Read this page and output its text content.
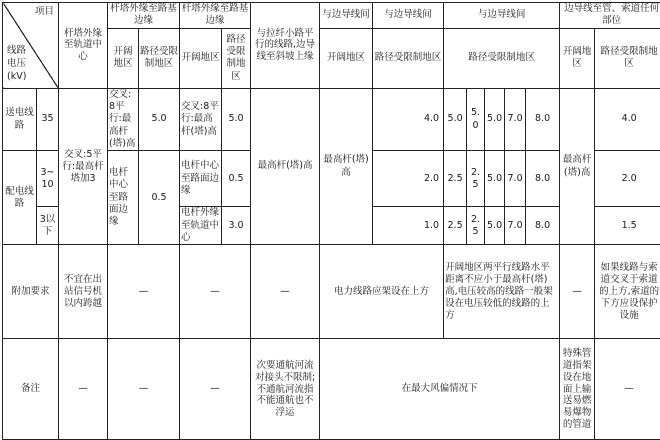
项目
线路
电压
(kV)		杆塔外缘至轨道中心	杆塔外缘至路基边缘		杆塔外缘至路基边缘		与拉纤小路平行的线路,边导线至斜坡上缘	与边导线间	与边导线间	与边导线间					边导线至管、索道任何部位	
			开阔地区	路径受限制地区	开阔地区	路径受限制地区		开阔地区	路径受限制地区	路径受限制地区					开阔地区	路径受限制地区

送电线路	35	交叉:5平行:最高杆塔加3	交叉:8平行:最高杆(塔)高	5.0	交叉:8平行:最高杆(塔)高	5.0	最高杆(塔)高	最高杆(塔)高	4.0	5.0	5.0	5.0	7.0	8.0	最高杆(塔)高	4.0
配电线路	3~10		电杆中心至路面边缘	0.5	电杆中心至路面边缘	0.5			2.0	2.5	2.5	5.0	7.0	8.0		2.0
	3以下				电杆外缘至轨道中心	3.0			1.0	2.5	2.5	5.0	7.0	8.0		1.5
附加要求		不宜在出站信号机以内跨越	—		—		—	电力线路应架设在上方		开阔地区两平行线路水平距离不应小于最高杆(塔)高,电压较高的线路一般架设在电压较低的线路的上方					—	如果线路与索道交叉于索道的上方,索道的下方应设保护设施
备注		—	—		—		次要通航河流对接头不限制;不通航河流指不能通航也不浮运	在最大风偏情况下							特殊管道指架设在地面上输送易燃易爆物的管道	—
